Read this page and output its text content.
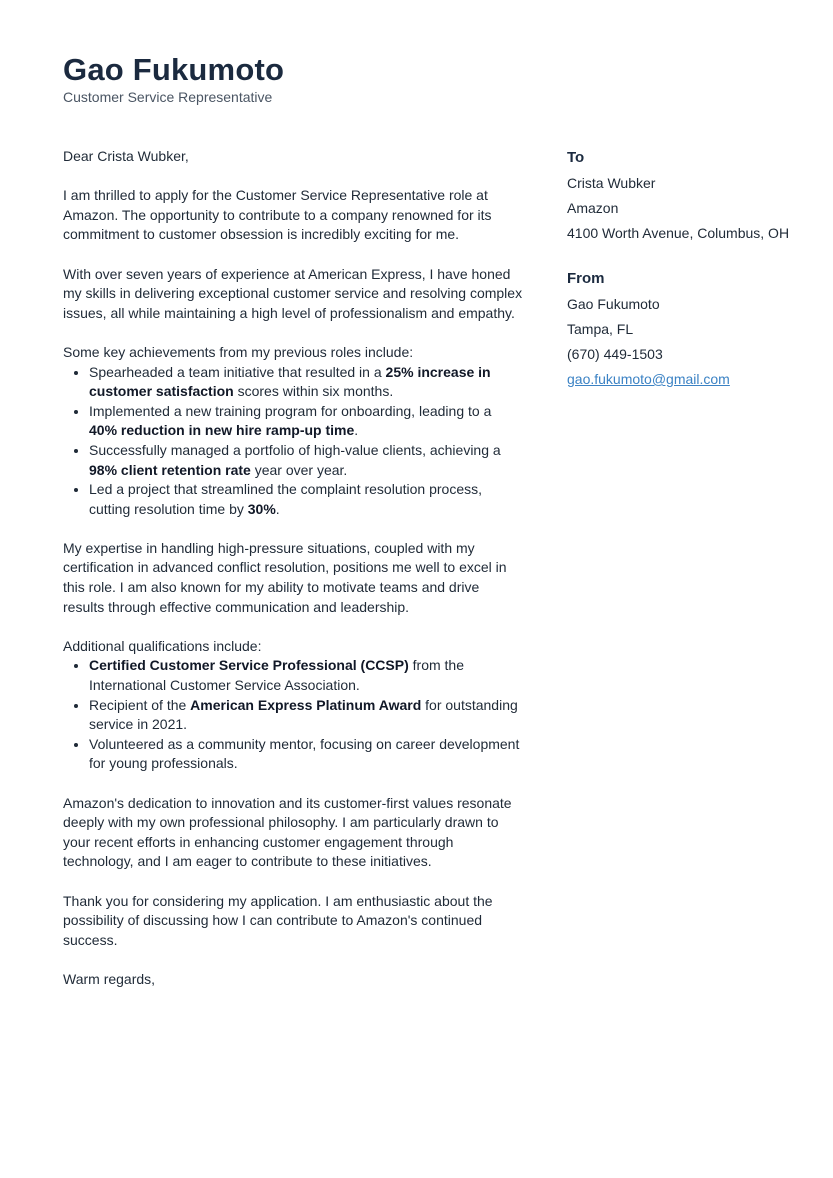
Gao Fukumoto

Customer Service Representative

Dear Crista Wubker,

I am thrilled to apply for the Customer Service Representative role at Amazon. The opportunity to contribute to a company renowned for its commitment to customer obsession is incredibly exciting for me.

With over seven years of experience at American Express, I have honed my skills in delivering exceptional customer service and resolving complex issues, all while maintaining a high level of professionalism and empathy.

Some key achievements from my previous roles include:

• Spearheaded a team initiative that resulted in a 25% increase in customer satisfaction scores within six months.
• Implemented a new training program for onboarding, leading to a 40% reduction in new hire ramp-up time.
• Successfully managed a portfolio of high-value clients, achieving a 98% client retention rate year over year.
• Led a project that streamlined the complaint resolution process, cutting resolution time by 30%.

My expertise in handling high-pressure situations, coupled with my certification in advanced conflict resolution, positions me well to excel in this role. I am also known for my ability to motivate teams and drive results through effective communication and leadership.

Additional qualifications include:

• Certified Customer Service Professional (CCSP) from the International Customer Service Association.
• Recipient of the American Express Platinum Award for outstanding service in 2021.
• Volunteered as a community mentor, focusing on career development for young professionals.

Amazon's dedication to innovation and its customer-first values resonate deeply with my own professional philosophy. I am particularly drawn to your recent efforts in enhancing customer engagement through technology, and I am eager to contribute to these initiatives.

Thank you for considering my application. I am enthusiastic about the possibility of discussing how I can contribute to Amazon's continued success.

Warm regards,

To

Crista Wubker

Amazon

4100 Worth Avenue, Columbus, OH

From

Gao Fukumoto

Tampa, FL

(670) 449-1503

gao.fukumoto@gmail.com
